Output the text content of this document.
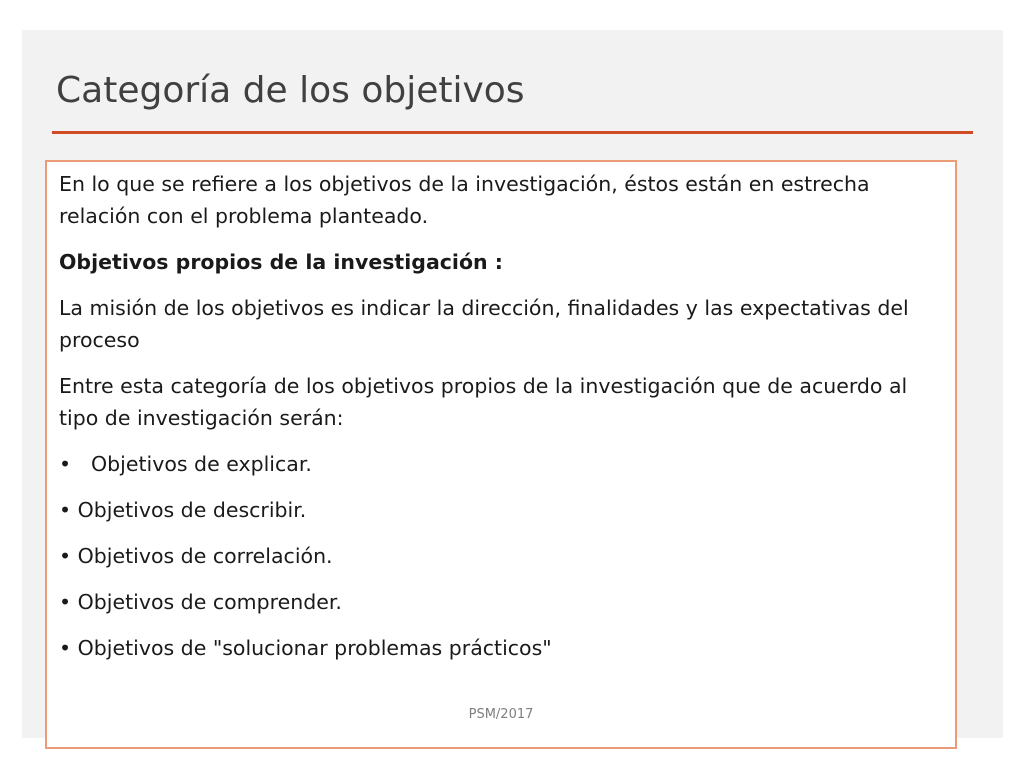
Categoría de los objetivos

En lo que se refiere a los objetivos de la investigación, éstos están en estrecha relación con el problema planteado.

Objetivos propios de la investigación :

La misión de los objetivos es indicar la dirección, finalidades y las expectativas del proceso

Entre esta categoría de los objetivos propios de la investigación que de acuerdo al tipo de investigación serán:

• Objetivos de explicar.
• Objetivos de describir.
• Objetivos de correlación.
• Objetivos de comprender.
• Objetivos de "solucionar problemas prácticos"
PSM/2017
